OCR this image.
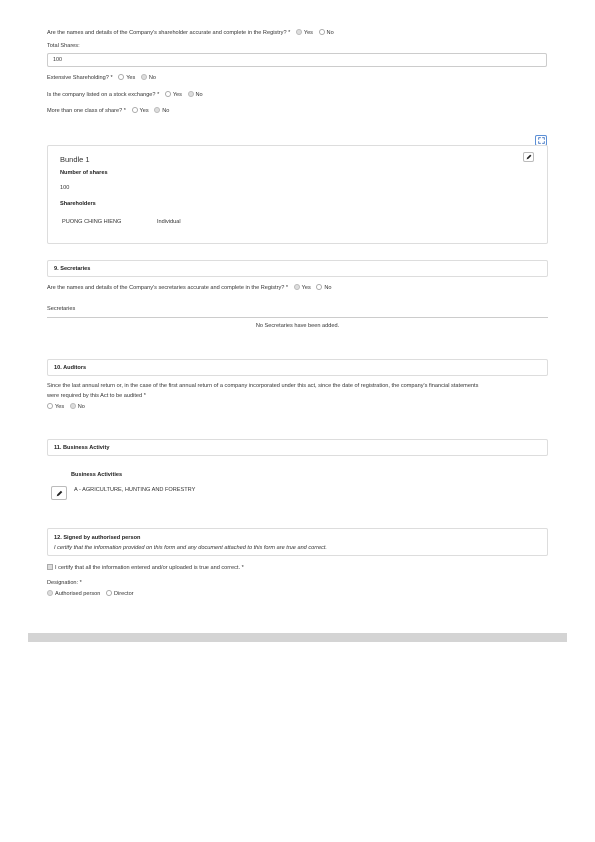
Are the names and details of the Company's shareholder accurate and complete in the Registry? * Yes No
Total Shares:
100
Extensive Shareholding? * Yes No
Is the company listed on a stock exchange? * Yes No
More than one class of share? * Yes No
Bundle 1
Number of shares
100
Shareholders
PUONG CHING HIENG	Individual
9. Secretaries
Are the names and details of the Company's secretaries accurate and complete in the Registry? * Yes No
Secretaries
No Secretaries have been added.
10. Auditors
Since the last annual return or, in the case of the first annual return of a company incorporated under this act, since the date of registration, the company's financial statements
were required by this Act to be audited *
Yes No
11. Business Activity
Business Activities
A - AGRICULTURE, HUNTING AND FORESTRY
12. Signed by authorised person
I certify that the information provided on this form and any document attached to this form are true and correct.
I certify that all the information entered and/or uploaded is true and correct. *
Designation: *
Authorised person Director
